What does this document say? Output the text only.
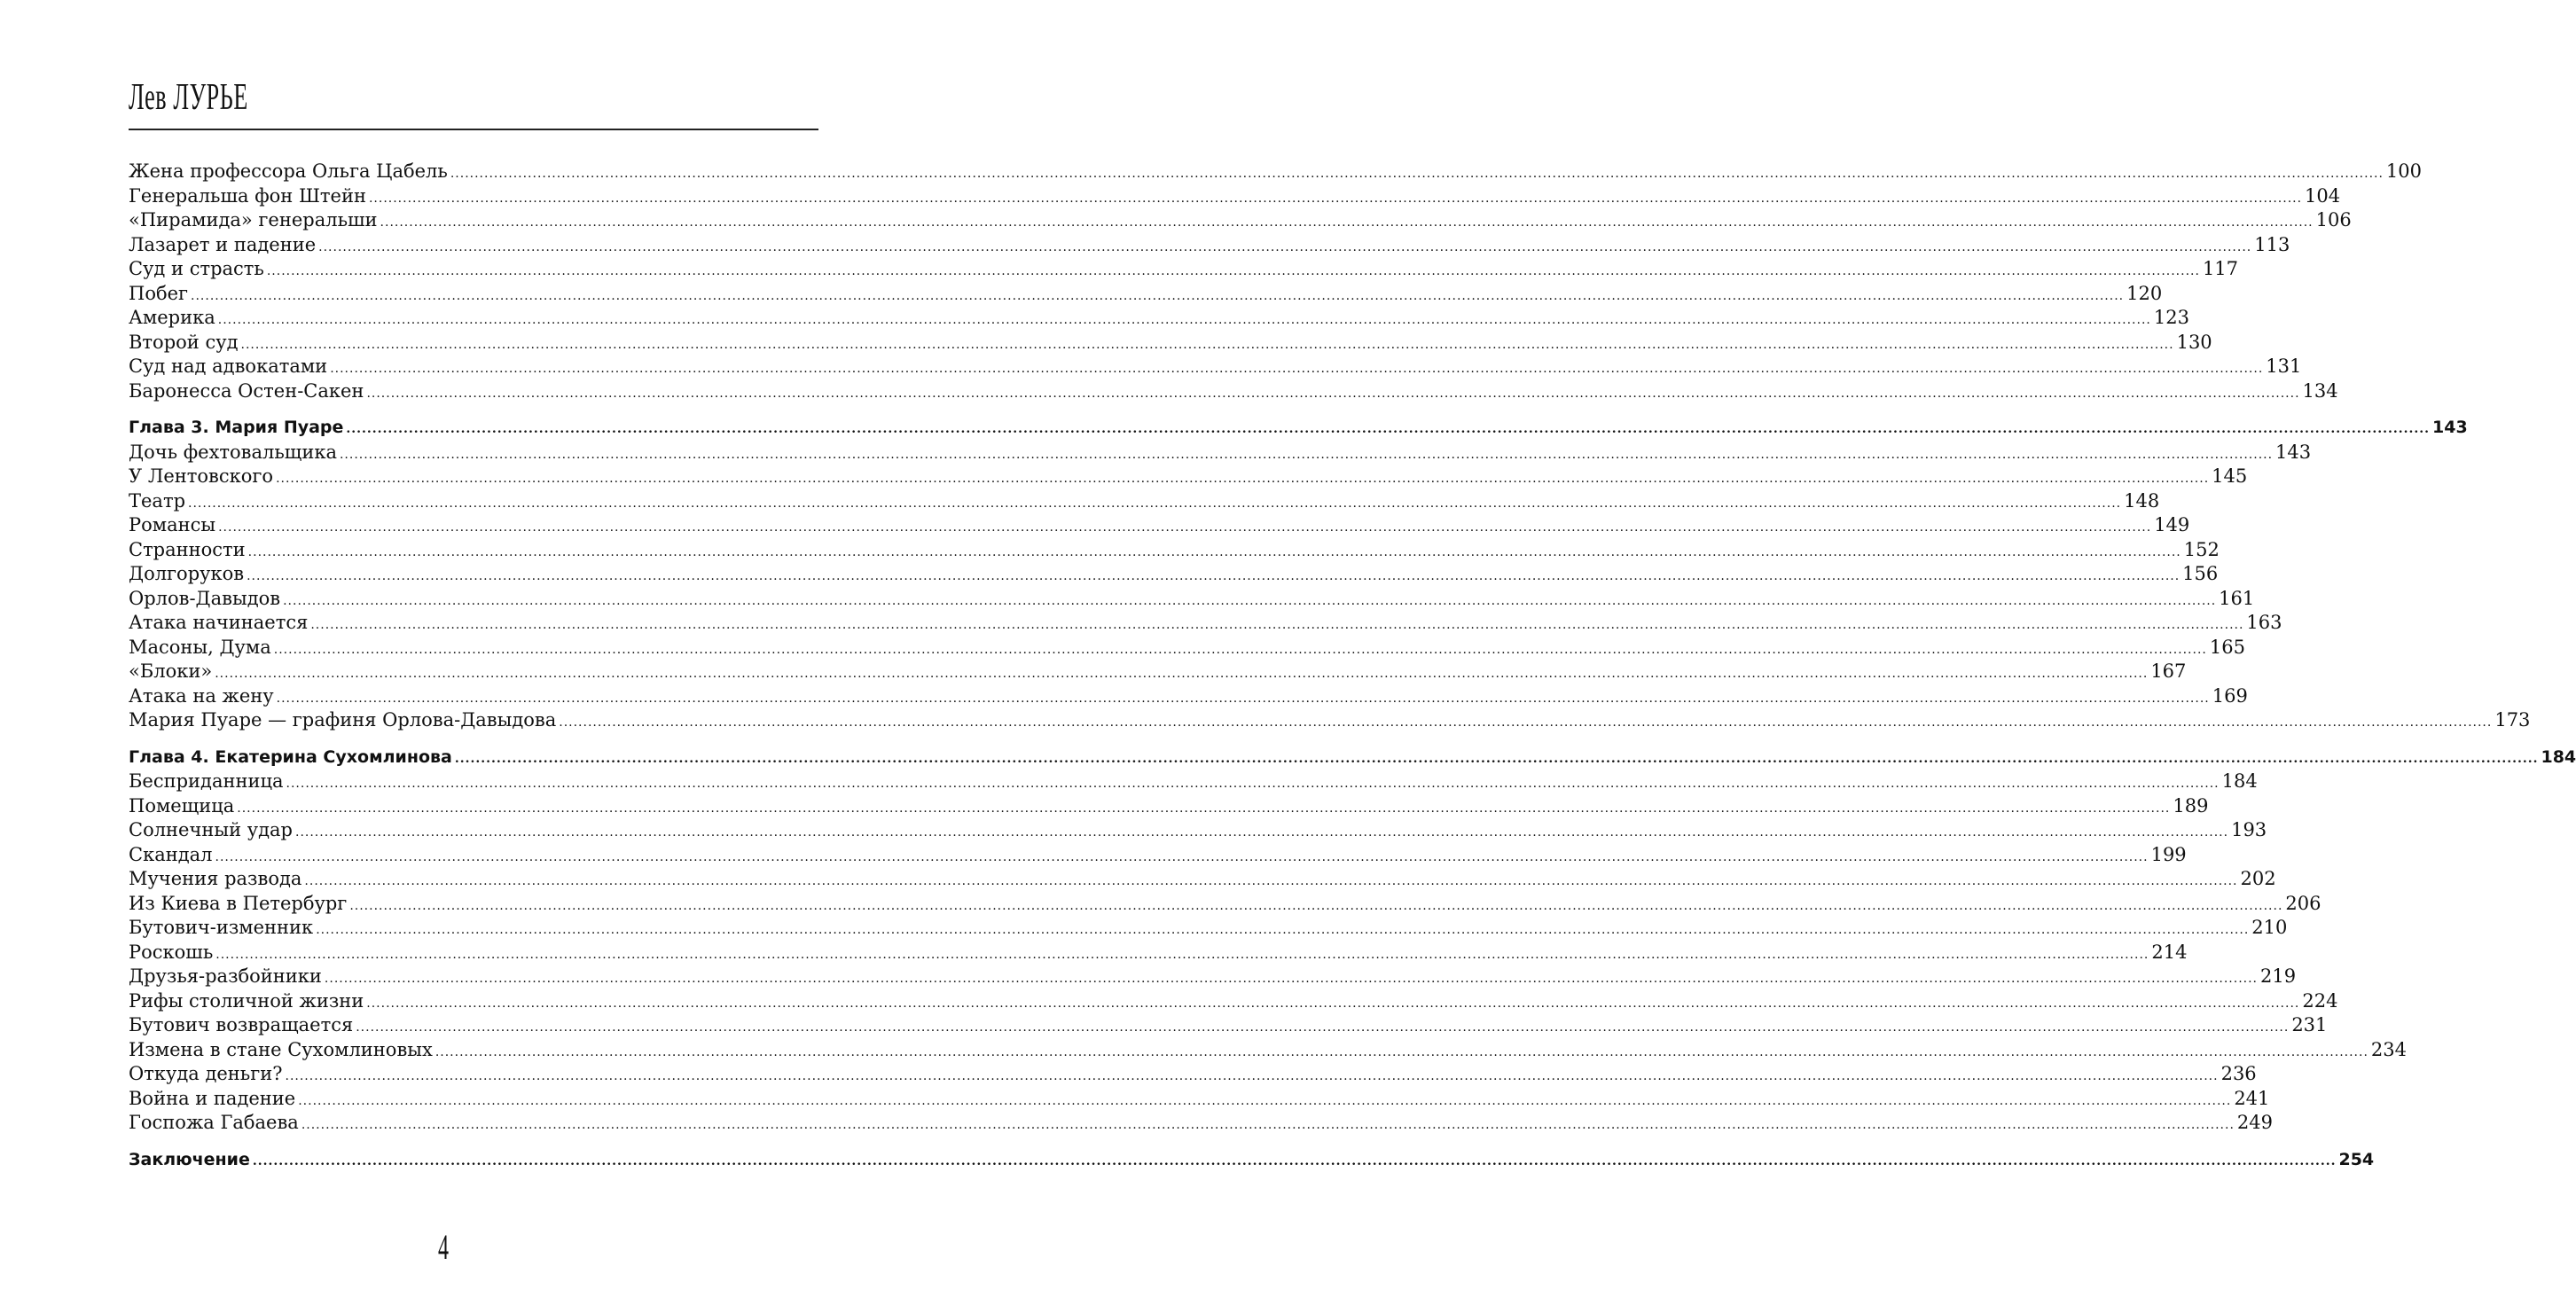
Лев ЛУРЬЕ
Жена профессора Ольга Цабель ................................................................................................................................................................................................................................................................................................................................................................................................................ 100
Генеральша фон Штейн ................................................................................................................................................................................................................................................................................................................................................................................................................ 104
«Пирамида» генеральши ................................................................................................................................................................................................................................................................................................................................................................................................................ 106
Лазарет и падение ................................................................................................................................................................................................................................................................................................................................................................................................................ 113
Суд и страсть ................................................................................................................................................................................................................................................................................................................................................................................................................ 117
Побег ................................................................................................................................................................................................................................................................................................................................................................................................................ 120
Америка ................................................................................................................................................................................................................................................................................................................................................................................................................ 123
Второй суд ................................................................................................................................................................................................................................................................................................................................................................................................................ 130
Суд над адвокатами ................................................................................................................................................................................................................................................................................................................................................................................................................ 131
Баронесса Остен-Сакен ................................................................................................................................................................................................................................................................................................................................................................................................................ 134
Глава 3. Мария Пуаре ................................................................................................................................................................................................................................................................................................................................................................................................................ 143
Дочь фехтовальщика ................................................................................................................................................................................................................................................................................................................................................................................................................ 143
У Лентовского ................................................................................................................................................................................................................................................................................................................................................................................................................ 145
Театр ................................................................................................................................................................................................................................................................................................................................................................................................................ 148
Романсы ................................................................................................................................................................................................................................................................................................................................................................................................................ 149
Странности ................................................................................................................................................................................................................................................................................................................................................................................................................ 152
Долгоруков ................................................................................................................................................................................................................................................................................................................................................................................................................ 156
Орлов-Давыдов ................................................................................................................................................................................................................................................................................................................................................................................................................ 161
Атака начинается ................................................................................................................................................................................................................................................................................................................................................................................................................ 163
Масоны, Дума ................................................................................................................................................................................................................................................................................................................................................................................................................ 165
«Блоки» ................................................................................................................................................................................................................................................................................................................................................................................................................ 167
Атака на жену ................................................................................................................................................................................................................................................................................................................................................................................................................ 169
Мария Пуаре — графиня Орлова-Давыдова ................................................................................................................................................................................................................................................................................................................................................................................................................ 173
Глава 4. Екатерина Сухомлинова ................................................................................................................................................................................................................................................................................................................................................................................................................ 184
Бесприданница ................................................................................................................................................................................................................................................................................................................................................................................................................ 184
Помещица ................................................................................................................................................................................................................................................................................................................................................................................................................ 189
Солнечный удар ................................................................................................................................................................................................................................................................................................................................................................................................................ 193
Скандал ................................................................................................................................................................................................................................................................................................................................................................................................................ 199
Мучения развода ................................................................................................................................................................................................................................................................................................................................................................................................................ 202
Из Киева в Петербург ................................................................................................................................................................................................................................................................................................................................................................................................................ 206
Бутович-изменник ................................................................................................................................................................................................................................................................................................................................................................................................................ 210
Роскошь ................................................................................................................................................................................................................................................................................................................................................................................................................ 214
Друзья-разбойники ................................................................................................................................................................................................................................................................................................................................................................................................................ 219
Рифы столичной жизни ................................................................................................................................................................................................................................................................................................................................................................................................................ 224
Бутович возвращается ................................................................................................................................................................................................................................................................................................................................................................................................................ 231
Измена в стане Сухомлиновых ................................................................................................................................................................................................................................................................................................................................................................................................................ 234
Откуда деньги? ................................................................................................................................................................................................................................................................................................................................................................................................................ 236
Война и падение ................................................................................................................................................................................................................................................................................................................................................................................................................ 241
Госпожа Габаева ................................................................................................................................................................................................................................................................................................................................................................................................................ 249
Заключение ................................................................................................................................................................................................................................................................................................................................................................................................................ 254
4
